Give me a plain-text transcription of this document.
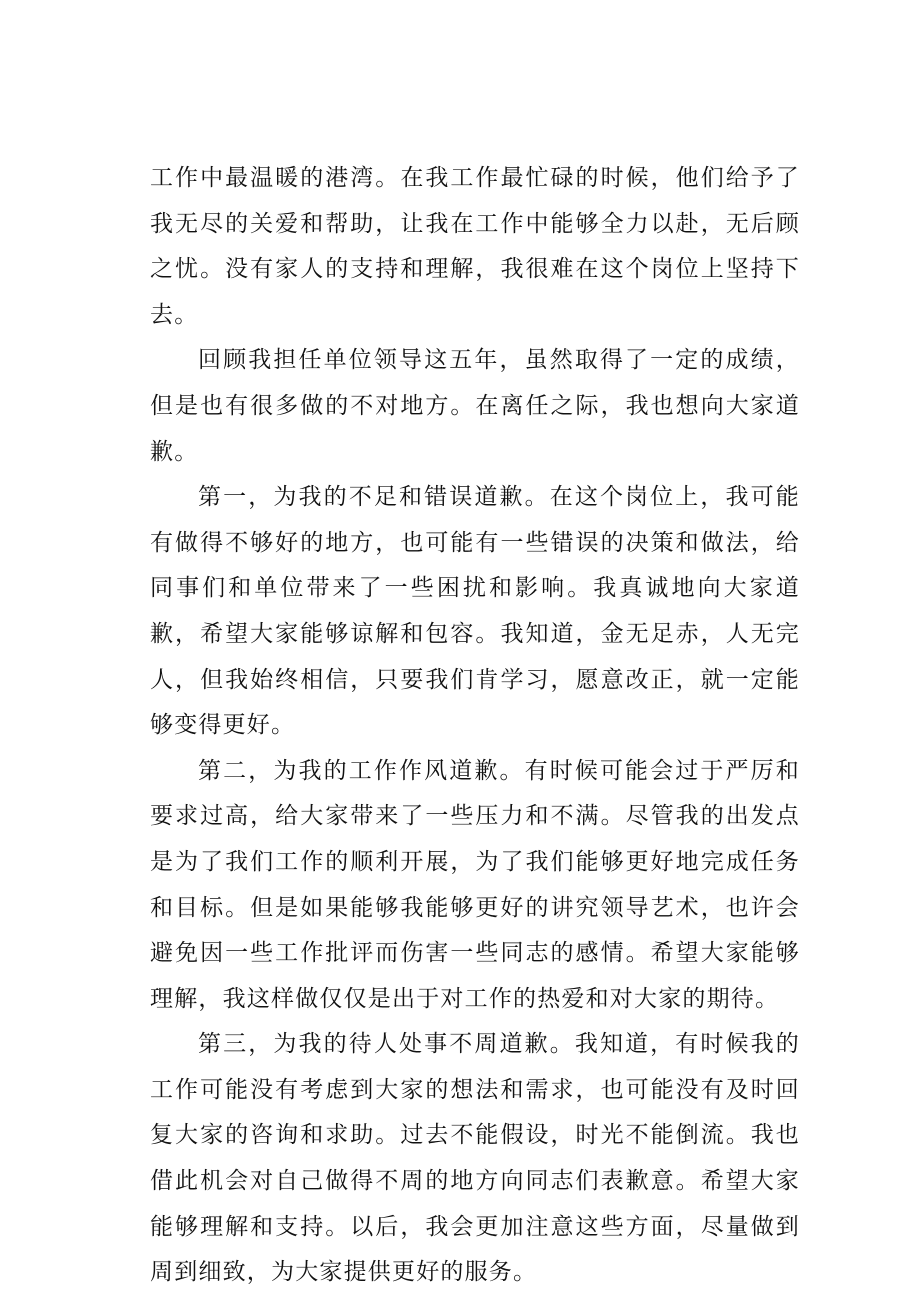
工作中最温暖的港湾。在我工作最忙碌的时候，他们给予了我无尽的关爱和帮助，让我在工作中能够全力以赴，无后顾之忧。没有家人的支持和理解，我很难在这个岗位上坚持下去。

回顾我担任单位领导这五年，虽然取得了一定的成绩，但是也有很多做的不对地方。在离任之际，我也想向大家道歉。

第一，为我的不足和错误道歉。在这个岗位上，我可能有做得不够好的地方，也可能有一些错误的决策和做法，给同事们和单位带来了一些困扰和影响。我真诚地向大家道歉，希望大家能够谅解和包容。我知道，金无足赤，人无完人，但我始终相信，只要我们肯学习，愿意改正，就一定能够变得更好。

第二，为我的工作作风道歉。有时候可能会过于严厉和要求过高，给大家带来了一些压力和不满。尽管我的出发点是为了我们工作的顺利开展，为了我们能够更好地完成任务和目标。但是如果能够我能够更好的讲究领导艺术，也许会避免因一些工作批评而伤害一些同志的感情。希望大家能够理解，我这样做仅仅是出于对工作的热爱和对大家的期待。

第三，为我的待人处事不周道歉。我知道，有时候我的工作可能没有考虑到大家的想法和需求，也可能没有及时回复大家的咨询和求助。过去不能假设，时光不能倒流。我也借此机会对自己做得不周的地方向同志们表歉意。希望大家能够理解和支持。以后，我会更加注意这些方面，尽量做到周到细致，为大家提供更好的服务。
